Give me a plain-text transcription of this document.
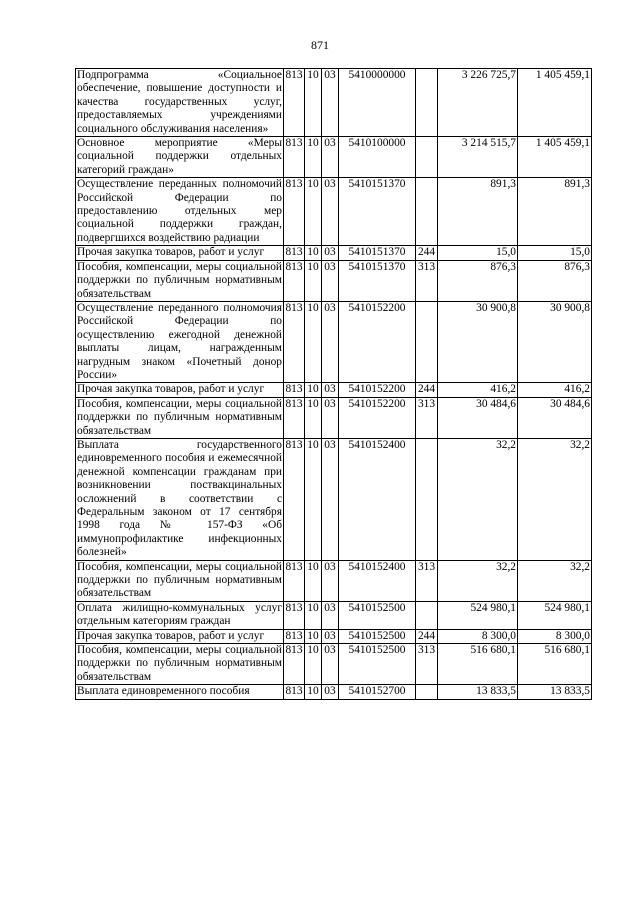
871
Подпрограмма «Социальное обеспечение, повышение доступности и качества государственных услуг, предоставляемых учреждениями социального обслуживания населения»	813	10	03	5410000000		3 226 725,7	1 405 459,1
Основное мероприятие «Меры социальной поддержки отдельных категорий граждан»	813	10	03	5410100000		3 214 515,7	1 405 459,1
Осуществление переданных полномочий Российской Федерации по предоставлению отдельных мер социальной поддержки граждан, подвергшихся воздействию радиации	813	10	03	5410151370		891,3	891,3
Прочая закупка товаров, работ и услуг	813	10	03	5410151370	244	15,0	15,0
Пособия, компенсации, меры социальной поддержки по публичным нормативным обязательствам	813	10	03	5410151370	313	876,3	876,3
Осуществление переданного полномочия Российской Федерации по осуществлению ежегодной денежной выплаты лицам, награжденным нагрудным знаком «Почетный донор России»	813	10	03	5410152200		30 900,8	30 900,8
Прочая закупка товаров, работ и услуг	813	10	03	5410152200	244	416,2	416,2
Пособия, компенсации, меры социальной поддержки по публичным нормативным обязательствам	813	10	03	5410152200	313	30 484,6	30 484,6
Выплата государственного единовременного пособия и ежемесячной денежной компенсации гражданам при возникновении поствакцинальных осложнений в соответствии с Федеральным законом от 17 сентября 1998 года № 157-ФЗ «Об иммунопрофилактике инфекционных болезней»	813	10	03	5410152400		32,2	32,2
Пособия, компенсации, меры социальной поддержки по публичным нормативным обязательствам	813	10	03	5410152400	313	32,2	32,2
Оплата жилищно-коммунальных услуг отдельным категориям граждан	813	10	03	5410152500		524 980,1	524 980,1
Прочая закупка товаров, работ и услуг	813	10	03	5410152500	244	8 300,0	8 300,0
Пособия, компенсации, меры социальной поддержки по публичным нормативным обязательствам	813	10	03	5410152500	313	516 680,1	516 680,1
Выплата единовременного пособия	813	10	03	5410152700		13 833,5	13 833,5
